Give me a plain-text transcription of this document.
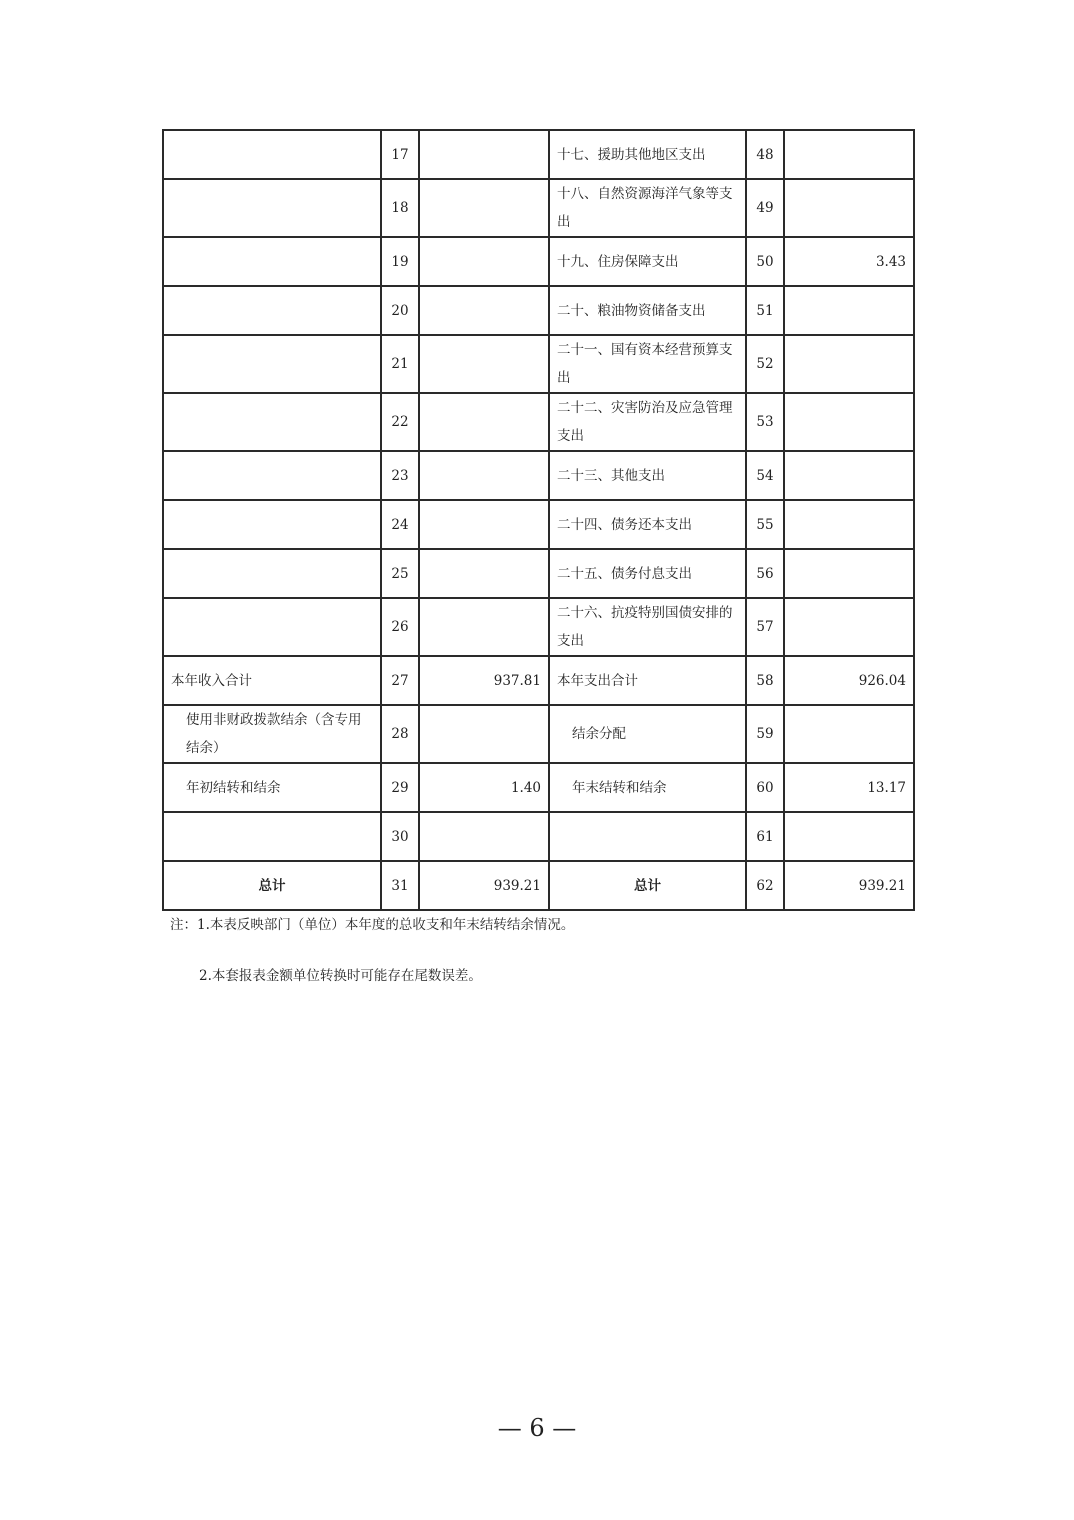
	17		十七、援助其他地区支出	48	
	18		十八、自然资源海洋气象等支出	49	
	19		十九、住房保障支出	50	3.43
	20		二十、粮油物资储备支出	51	
	21		二十一、国有资本经营预算支出	52	
	22		二十二、灾害防治及应急管理支出	53	
	23		二十三、其他支出	54	
	24		二十四、债务还本支出	55	
	25		二十五、债务付息支出	56	
	26		二十六、抗疫特别国债安排的支出	57	
本年收入合计	27	937.81	本年支出合计	58	926.04
使用非财政拨款结余（含专用结余）	28		结余分配	59	
年初结转和结余	29	1.40	年末结转和结余	60	13.17
	30			61	
总计	31	939.21	总计	62	939.21
注：1.本表反映部门（单位）本年度的总收支和年末结转结余情况。
2.本套报表金额单位转换时可能存在尾数误差。
— 6 —
